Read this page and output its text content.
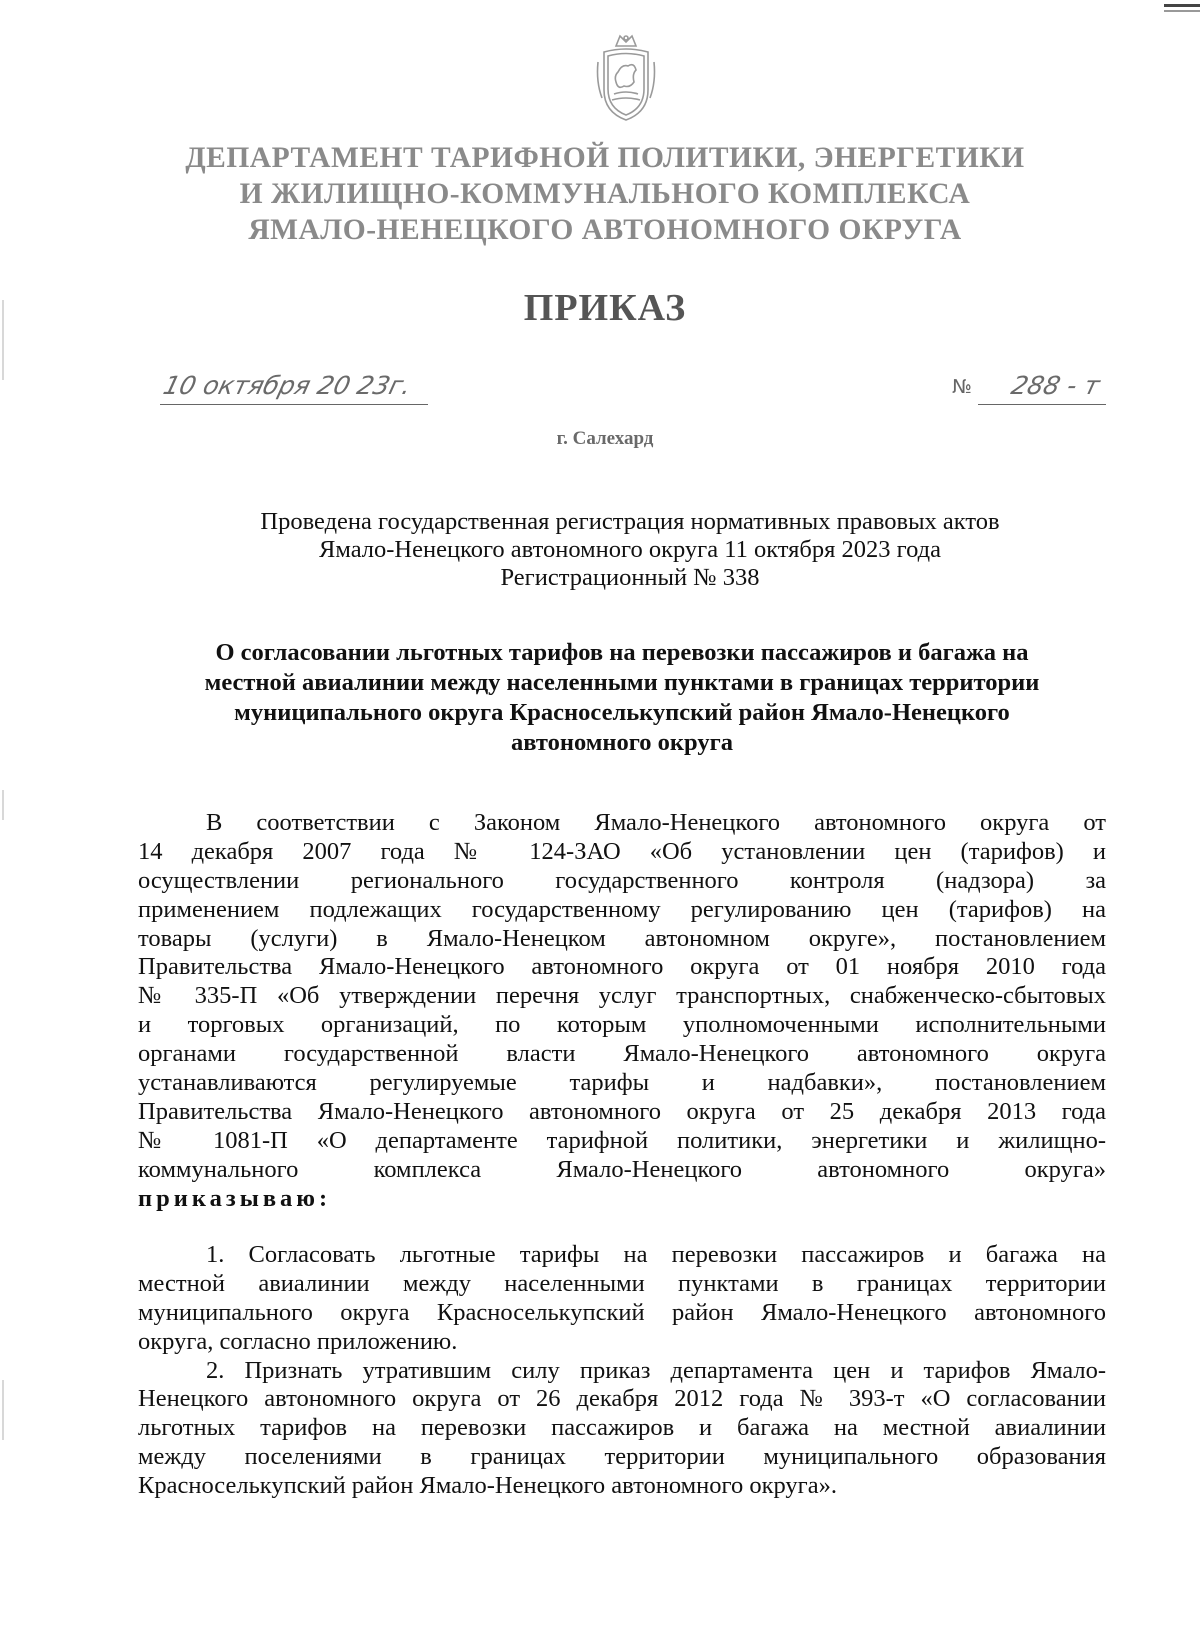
ДЕПАРТАМЕНТ ТАРИФНОЙ ПОЛИТИКИ, ЭНЕРГЕТИКИ
И ЖИЛИЩНО-КОММУНАЛЬНОГО КОМПЛЕКСА
ЯМАЛО-НЕНЕЦКОГО АВТОНОМНОГО ОКРУГА
ПРИКАЗ
10 октября 20 23г.	№ 288 - т
г. Салехард
Проведена государственная регистрация нормативных правовых актов
Ямало-Ненецкого автономного округа 11 октября 2023 года
Регистрационный № 338
О согласовании льготных тарифов на перевозки пассажиров и багажа на
местной авиалинии между населенными пунктами в границах территории
муниципального округа Красноселькупский район Ямало-Ненецкого
автономного округа
В соответствии с Законом Ямало-Ненецкого автономного округа от
14 декабря 2007 года № 124-ЗАО «Об установлении цен (тарифов) и
осуществлении регионального государственного контроля (надзора) за
применением подлежащих государственному регулированию цен (тарифов) на
товары (услуги) в Ямало-Ненецком автономном округе», постановлением
Правительства Ямало-Ненецкого автономного округа от 01 ноября 2010 года
№ 335-П «Об утверждении перечня услуг транспортных, снабженческо-сбытовых
и торговых организаций, по которым уполномоченными исполнительными
органами государственной власти Ямало-Ненецкого автономного округа
устанавливаются регулируемые тарифы и надбавки», постановлением
Правительства Ямало-Ненецкого автономного округа от 25 декабря 2013 года
№ 1081-П «О департаменте тарифной политики, энергетики и жилищно-
коммунального комплекса Ямало-Ненецкого автономного округа»
приказываю:
1. Согласовать льготные тарифы на перевозки пассажиров и багажа на
местной авиалинии между населенными пунктами в границах территории
муниципального округа Красноселькупский район Ямало-Ненецкого автономного
округа, согласно приложению.
2. Признать утратившим силу приказ департамента цен и тарифов Ямало-
Ненецкого автономного округа от 26 декабря 2012 года № 393-т «О согласовании
льготных тарифов на перевозки пассажиров и багажа на местной авиалинии
между поселениями в границах территории муниципального образования
Красноселькупский район Ямало-Ненецкого автономного округа».
